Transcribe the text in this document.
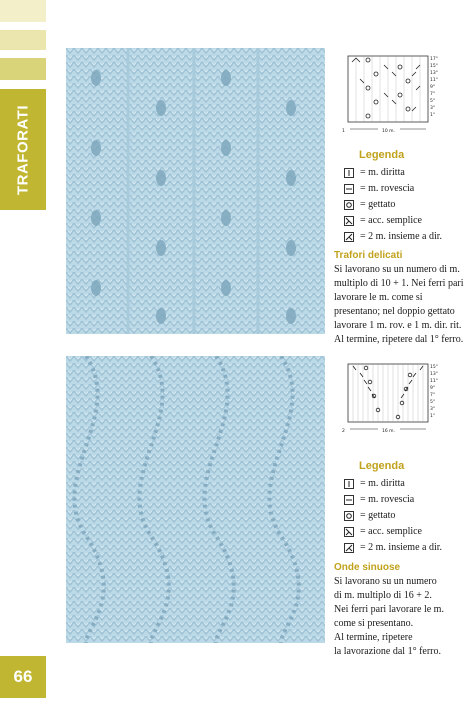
TRAFORATI
66
17°
15°
13°
11°
9°
7°
5°
3°
1°
1	10 m.
15°
13°
11°
9°
7°
5°
3°
1°
2	16 m.
Legenda
= m. diritta
= m. rovescia
= gettato
= acc. semplice
= 2 m. insieme a dir.
Trafori delicati
Si lavorano su un numero di m.
multiplo di 10 + 1. Nei ferri pari
lavorare le m. come si
presentano; nel doppio gettato
lavorare 1 m. rov. e 1 m. dir. rit.
Al termine, ripetere dal 1° ferro.
Legenda
= m. diritta
= m. rovescia
= gettato
= acc. semplice
= 2 m. insieme a dir.
Onde sinuose
Si lavorano su un numero
di m. multiplo di 16 + 2.
Nei ferri pari lavorare le m.
come si presentano.
Al termine, ripetere
la lavorazione dal 1° ferro.
